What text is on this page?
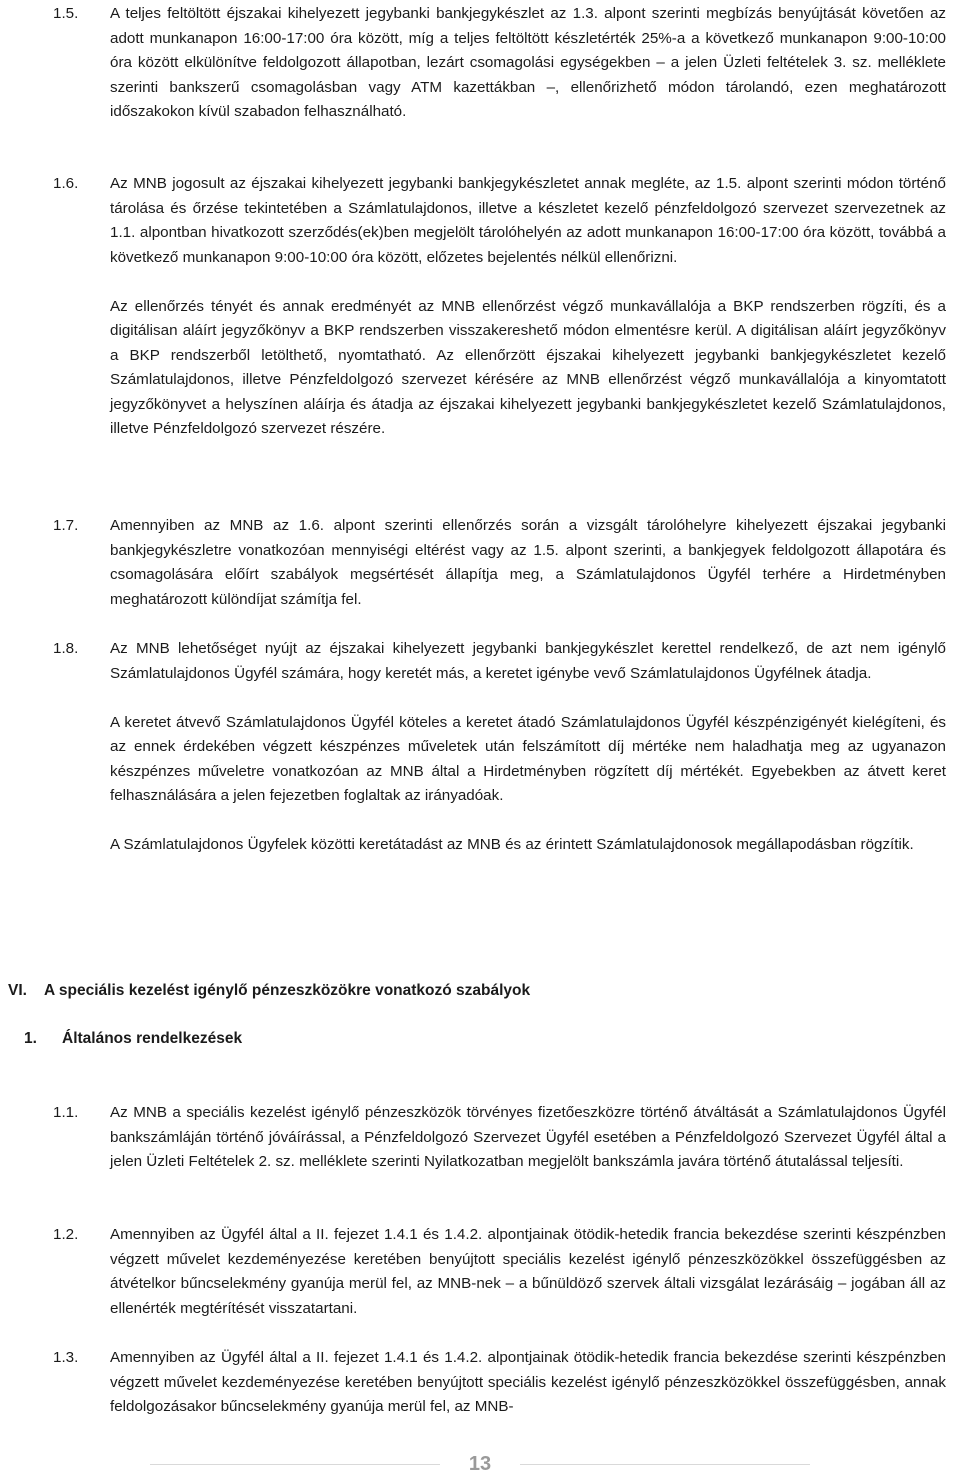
1.5. A teljes feltöltött éjszakai kihelyezett jegybanki bankjegykészlet az 1.3. alpont szerinti megbízás benyújtását követően az adott munkanapon 16:00-17:00 óra között, míg a teljes feltöltött készletérték 25%-a a következő munkanapon 9:00-10:00 óra között elkülönítve feldolgozott állapotban, lezárt csomagolási egységekben – a jelen Üzleti feltételek 3. sz. melléklete szerinti bankszerű csomagolásban vagy ATM kazettákban –, ellenőrizhető módon tárolandó, ezen meghatározott időszakokon kívül szabadon felhasználható.

1.6. Az MNB jogosult az éjszakai kihelyezett jegybanki bankjegykészletet annak megléte, az 1.5. alpont szerinti módon történő tárolása és őrzése tekintetében a Számlatulajdonos, illetve a készletet kezelő pénzfeldolgozó szervezet szervezetnek az 1.1. alpontban hivatkozott szerződés(ek)ben megjelölt tárolóhelyén az adott munkanapon 16:00-17:00 óra között, továbbá a következő munkanapon 9:00-10:00 óra között, előzetes bejelentés nélkül ellenőrizni.

Az ellenőrzés tényét és annak eredményét az MNB ellenőrzést végző munkavállalója a BKP rendszerben rögzíti, és a digitálisan aláírt jegyzőkönyv a BKP rendszerben visszakereshető módon elmentésre kerül. A digitálisan aláírt jegyzőkönyv a BKP rendszerből letölthető, nyomtatható. Az ellenőrzött éjszakai kihelyezett jegybanki bankjegykészletet kezelő Számlatulajdonos, illetve Pénzfeldolgozó szervezet kérésére az MNB ellenőrzést végző munkavállalója a kinyomtatott jegyzőkönyvet a helyszínen aláírja és átadja az éjszakai kihelyezett jegybanki bankjegykészletet kezelő Számlatulajdonos, illetve Pénzfeldolgozó szervezet részére.

1.7. Amennyiben az MNB az 1.6. alpont szerinti ellenőrzés során a vizsgált tárolóhelyre kihelyezett éjszakai jegybanki bankjegykészletre vonatkozóan mennyiségi eltérést vagy az 1.5. alpont szerinti, a bankjegyek feldolgozott állapotára és csomagolására előírt szabályok megsértését állapítja meg, a Számlatulajdonos Ügyfél terhére a Hirdetményben meghatározott különdíjat számítja fel.

1.8. Az MNB lehetőséget nyújt az éjszakai kihelyezett jegybanki bankjegykészlet kerettel rendelkező, de azt nem igénylő Számlatulajdonos Ügyfél számára, hogy keretét más, a keretet igénybe vevő Számlatulajdonos Ügyfélnek átadja.

A keretet átvevő Számlatulajdonos Ügyfél köteles a keretet átadó Számlatulajdonos Ügyfél készpénzigényét kielégíteni, és az ennek érdekében végzett készpénzes műveletek után felszámított díj mértéke nem haladhatja meg az ugyanazon készpénzes műveletre vonatkozóan az MNB által a Hirdetményben rögzített díj mértékét. Egyebekben az átvett keret felhasználására a jelen fejezetben foglaltak az irányadóak.

A Számlatulajdonos Ügyfelek közötti keretátadást az MNB és az érintett Számlatulajdonosok megállapodásban rögzítik.

VI. A speciális kezelést igénylő pénzeszközökre vonatkozó szabályok
1. Általános rendelkezések
1.1. Az MNB a speciális kezelést igénylő pénzeszközök törvényes fizetőeszközre történő átváltását a Számlatulajdonos Ügyfél bankszámláján történő jóváírással, a Pénzfeldolgozó Szervezet Ügyfél esetében a Pénzfeldolgozó Szervezet Ügyfél által a jelen Üzleti Feltételek 2. sz. melléklete szerinti Nyilatkozatban megjelölt bankszámla javára történő átutalással teljesíti.

1.2. Amennyiben az Ügyfél által a II. fejezet 1.4.1 és 1.4.2. alpontjainak ötödik-hetedik francia bekezdése szerinti készpénzben végzett művelet kezdeményezése keretében benyújtott speciális kezelést igénylő pénzeszközökkel összefüggésben az átvételkor bűncselekmény gyanúja merül fel, az MNB-nek – a bűnüldöző szervek általi vizsgálat lezárásáig – jogában áll az ellenérték megtérítését visszatartani.

1.3. Amennyiben az Ügyfél által a II. fejezet 1.4.1 és 1.4.2. alpontjainak ötödik-hetedik francia bekezdése szerinti készpénzben végzett művelet kezdeményezése keretében benyújtott speciális kezelést igénylő pénzeszközökkel összefüggésben, annak feldolgozásakor bűncselekmény gyanúja merül fel, az MNB-

13
